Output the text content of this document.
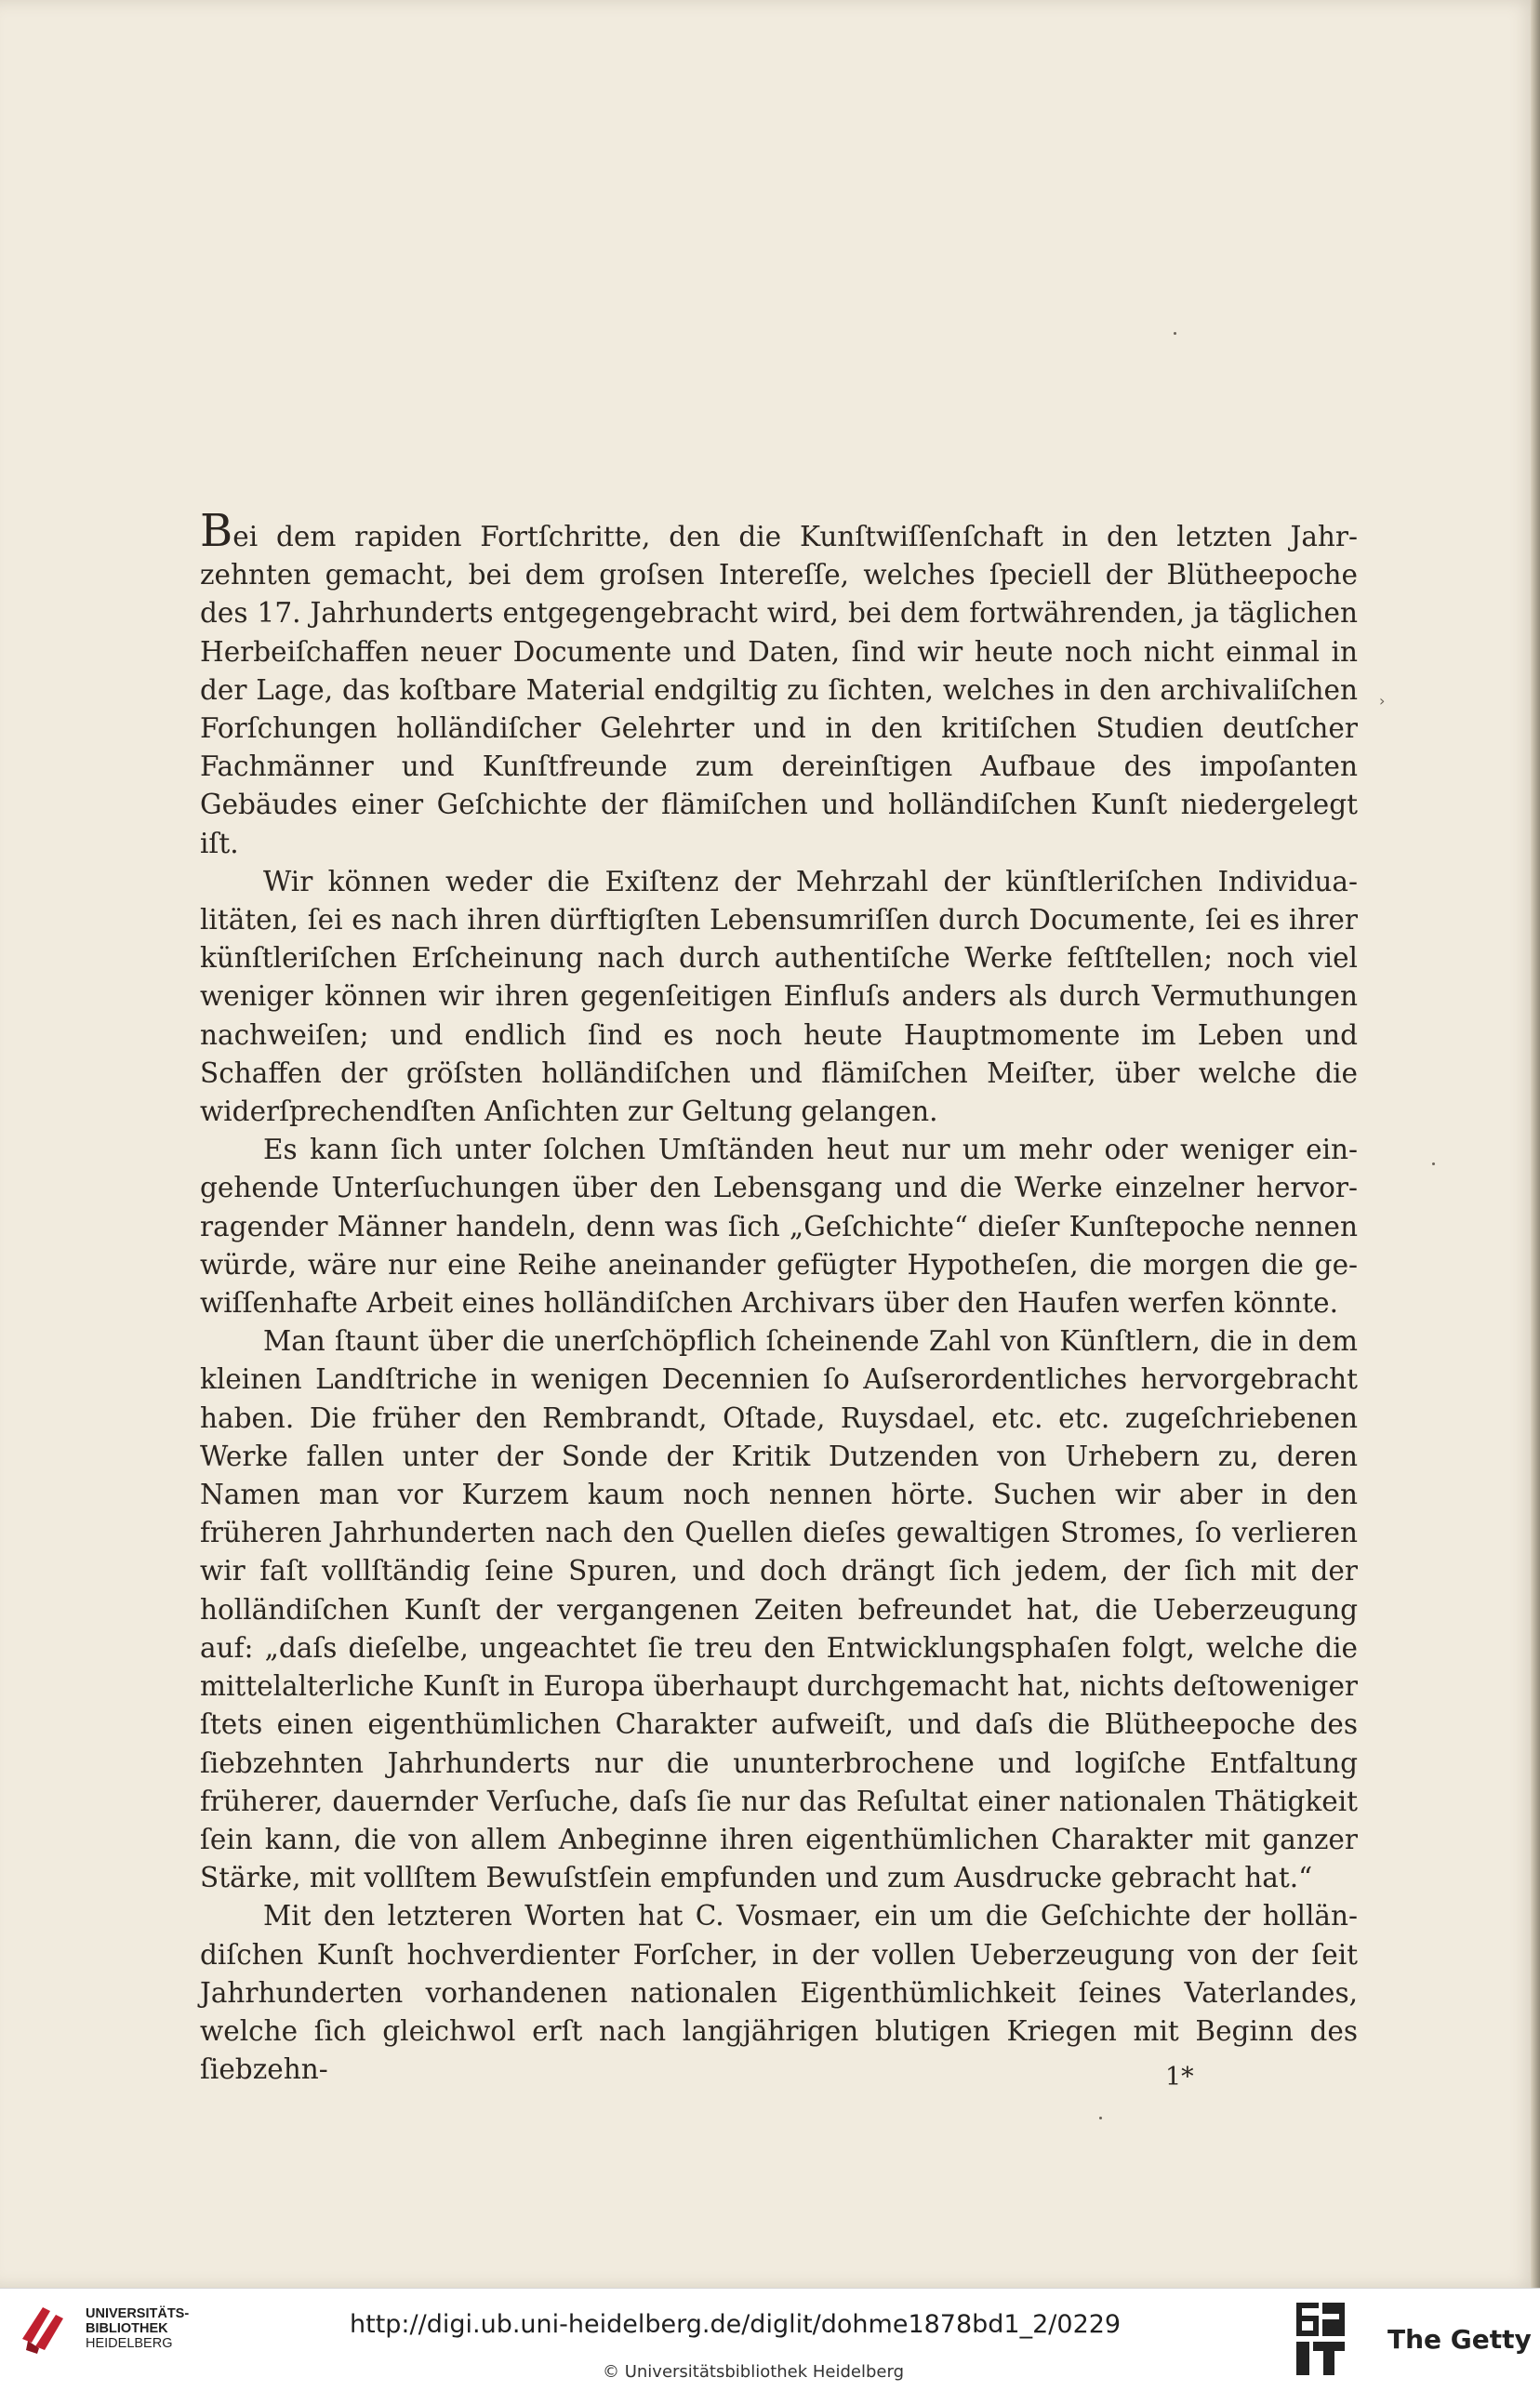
›

Bei dem rapiden Fortſchritte, den die Kunſtwiſſenſchaft in den letzten Jahrzehnten gemacht, bei dem groſsen Intereſſe, welches ſpeciell der Blütheepoche des 17. Jahrhunderts entgegengebracht wird, bei dem fortwährenden, ja täglichen Herbeiſchaffen neuer Documente und Daten, ſind wir heute noch nicht einmal in der Lage, das koſtbare Material endgiltig zu ſichten, welches in den archivaliſchen Forſchungen holländiſcher Gelehrter und in den kritiſchen Studien deutſcher Fachmänner und Kunſtfreunde zum dereinſtigen Aufbaue des impoſanten Gebäudes einer Geſchichte der flämiſchen und holländiſchen Kunſt niedergelegt iſt.

Wir können weder die Exiſtenz der Mehrzahl der künſtleriſchen Individualitäten, ſei es nach ihren dürftigſten Lebensumriſſen durch Documente, ſei es ihrer künſtleriſchen Erſcheinung nach durch authentiſche Werke feſtſtellen; noch viel weniger können wir ihren gegenſeitigen Einfluſs anders als durch Vermuthungen nachweiſen; und endlich ſind es noch heute Hauptmomente im Leben und Schaffen der gröſsten holländiſchen und flämiſchen Meiſter, über welche die widerſprechendſten Anſichten zur Geltung gelangen.

Es kann ſich unter ſolchen Umſtänden heut nur um mehr oder weniger eingehende Unterſuchungen über den Lebensgang und die Werke einzelner hervorragender Männer handeln, denn was ſich „Geſchichte“ dieſer Kunſtepoche nennen würde, wäre nur eine Reihe aneinander gefügter Hypotheſen, die morgen die gewiſſenhafte Arbeit eines holländiſchen Archivars über den Haufen werfen könnte.

Man ſtaunt über die unerſchöpflich ſcheinende Zahl von Künſtlern, die in dem kleinen Landſtriche in wenigen Decennien ſo Auſserordentliches hervorgebracht haben. Die früher den Rembrandt, Oſtade, Ruysdael, etc. etc. zugeſchriebenen Werke fallen unter der Sonde der Kritik Dutzenden von Urhebern zu, deren Namen man vor Kurzem kaum noch nennen hörte. Suchen wir aber in den früheren Jahrhunderten nach den Quellen dieſes gewaltigen Stromes, ſo verlieren wir faſt vollſtändig ſeine Spuren, und doch drängt ſich jedem, der ſich mit der holländiſchen Kunſt der vergangenen Zeiten befreundet hat, die Ueberzeugung auf: „daſs dieſelbe, ungeachtet ſie treu den Entwicklungsphaſen folgt, welche die mittelalterliche Kunſt in Europa überhaupt durchgemacht hat, nichts deſtoweniger ſtets einen eigenthümlichen Charakter aufweiſt, und daſs die Blütheepoche des ſiebzehnten Jahrhunderts nur die ununterbrochene und logiſche Entfaltung früherer, dauernder Verſuche, daſs ſie nur das Reſultat einer nationalen Thätigkeit ſein kann, die von allem Anbeginne ihren eigenthümlichen Charakter mit ganzer Stärke, mit vollſtem Bewuſstſein empfunden und zum Ausdrucke gebracht hat.“

Mit den letzteren Worten hat C. Vosmaer, ein um die Geſchichte der holländiſchen Kunſt hochverdienter Forſcher, in der vollen Ueberzeugung von der ſeit Jahrhunderten vorhandenen nationalen Eigenthümlichkeit ſeines Vaterlandes, welche ſich gleichwol erſt nach langjährigen blutigen Kriegen mit Beginn des ſiebzehn-	1*
UNIVERSITÄTS-
BIBLIOTHEK
HEIDELBERG
http://digi.ub.uni-heidelberg.de/diglit/dohme1878bd1_2/0229
© Universitätsbibliothek Heidelberg
The Getty
